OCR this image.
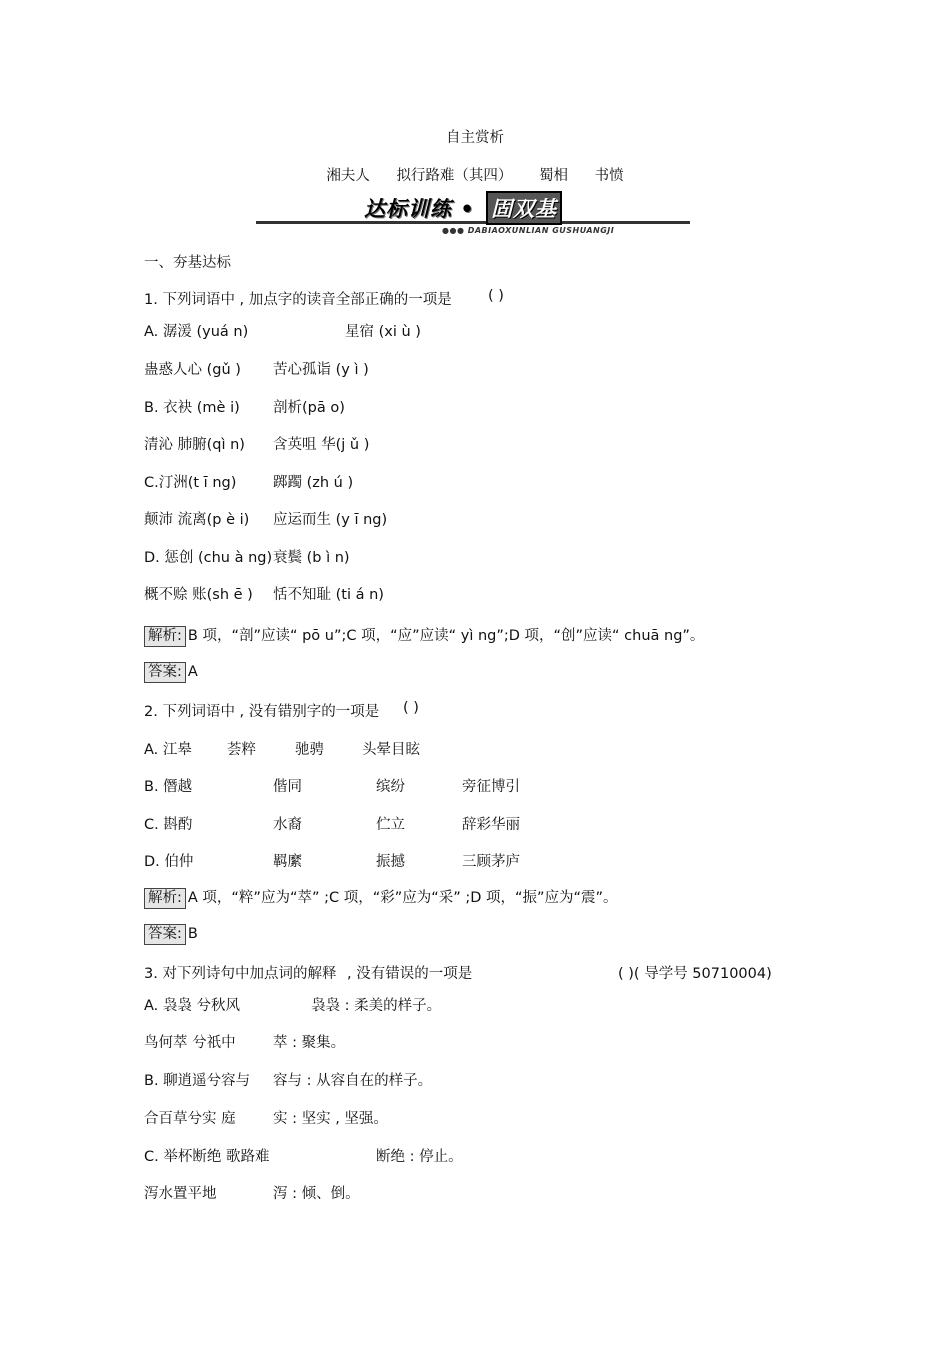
自主赏析
湘夫人 拟行路难（其四） 蜀相 书愤
达标训练 • 固双基
●●● DABIAOXUNLIAN GUSHUANGJI
一、夯基达标
1. 下列词语中 , 加点字的读音全部正确的一项是 ( )
A. 潺湲 (yuá n)	星宿 (xi ù )
蛊惑人心 (gǔ ) 苦心孤诣 (y ì )
B. 衣袂 (mè i) 剖析(pā o)
清沁 肺腑(qì n) 含英咀 华(j ǔ )
C.汀洲(t ī ng)	踯躅 (zh ú )
颠沛 流离(p è i) 应运而生 (y ī ng)
D. 惩创 (chu à ng) 衰鬓 (b ì n)
概不赊 账(sh ē ) 恬不知耻 (ti á n)
解析: B 项，“剖”应读“ pō u”;C 项，“应”应读“ yì ng”;D 项，“创”应读“ chuā ng”。
答案: A
2. 下列词语中 , 没有错别字的一项是 ( )
A. 江皋 荟粹	驰骋	头晕目眩
B. 僭越	偕同	缤纷	旁征博引
C. 斟酌	水裔	伫立	辞彩华丽
D. 伯仲	羁縻	振撼	三顾茅庐
解析: A 项，“粹”应为“萃” ;C 项，“彩”应为“采” ;D 项，“振”应为“震”。
答案: B
3. 对下列诗句中加点词的解释 , 没有错误的一项是	( )( 导学号 50710004)
A. 袅袅 兮秋风	袅袅 : 柔美的样子。
鸟何萃 兮祇中	萃 : 聚集。
B. 聊逍遥兮容与 容与 : 从容自在的样子。
合百草兮实 庭	实 : 坚实 , 坚强。
C. 举杯断绝 歌路难	断绝 : 停止。
泻水置平地	泻 : 倾、倒。
